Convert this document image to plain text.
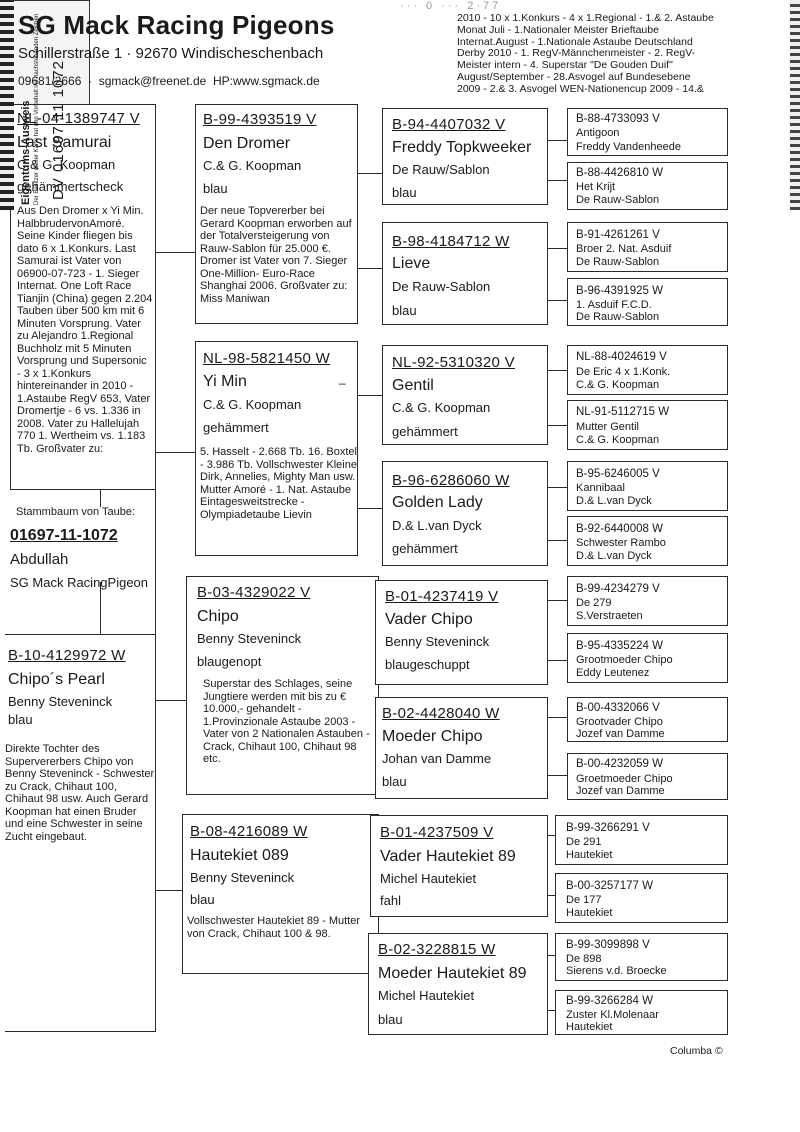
SG Mack Racing Pigeons
Schillerstraße 1 · 92670 Windischeschenbach
09681/2666  ·  sgmack@freenet.de HP:www.sgmack.de
··· 0 ··· 2·77
2010 - 10 x 1.Konkurs - 4 x 1.Regional - 1.& 2. Astaube
Monat Juli - 1.Nationaler Meister Brieftaube
Internat.August - 1.Nationale Astaube Deutschland
Derby 2010 - 1. RegV-Männchenmeister - 2. RegV-
Meister intern - 4. Superstar "De Gouden Duif"
August/September - 28.Asvogel auf Bundesebene
2009 - 2.& 3. Asvogel WEN-Nationencup 2009 - 14.&
NL-04-1389747 V
Last Samurai
C.& G. Koopman
gehämmertscheck
Aus Den Dromer x Yi Min. HalbbrudervonAmoré. Seine Kinder fliegen bis dato 6 x 1.Konkurs. Last Samurai ist Vater von 06900-07-723 - 1. Sieger Internat. One Loft Race Tianjin (China) gegen 2.204 Tauben über 500 km mit 6 Minuten Vorsprung. Vater zu Alejandro 1.Regional Buchholz mit 5 Minuten Vorsprung und Supersonic - 3 x 1.Konkurs hintereinander in 2010 - 1.Astaube RegV 653, Vater Dromertje - 6 vs. 1.336 in 2008. Vater zu Hallelujah 770 1. Wertheim vs. 1.183 Tb. Großvater zu:
Stammbaum von Taube:
01697-11-1072
Abdullah
SG Mack RacingPigeon
B-10-4129972 W
Chipo´s Pearl
Benny Steveninck
blau
Direkte Tochter des Supervererbers Chipo von Benny Steveninck - Schwester zu Crack, Chihaut 100, Chihaut 98 usw. Auch Gerard Koopman hat einen Bruder und eine Schwester in seine Zucht eingebaut.
B-99-4393519 V
Den Dromer
C.& G. Koopman
blau
Der neue Topvererber bei Gerard Koopman erworben auf der Totalversteigerung von Rauw-Sablon für 25.000 €. Dromer ist Vater von 7. Sieger One-Million- Euro-Race Shanghai 2006. Großvater zu: Miss Maniwan
NL-98-5821450 W
Yi Min	–
C.& G. Koopman
gehämmert
5. Hasselt - 2.668 Tb. 16. Boxtel - 3.986 Tb. Vollschwester Kleine Dirk, Annelies, Mighty Man usw. Mutter Amoré - 1. Nat. Astaube Eintagesweitstrecke - Olympiadetaube Lievin
B-03-4329022 V
Chipo
Benny Steveninck
blaugenopt
Superstar des Schlages, seine Jungtiere werden mit bis zu € 10.000,- gehandelt - 1.Provinzionale Astaube 2003 - Vater von 2 Nationalen Astauben - Crack, Chihaut 100, Chihaut 98 etc.
B-08-4216089 W
Hautekiet 089
Benny Steveninck
blau
Vollschwester Hautekiet 89 - Mutter von Crack, Chihaut 100 & 98.
B-94-4407032 V
Freddy Topkweeker
De Rauw/Sablon
blau
B-98-4184712 W
Lieve
De Rauw-Sablon
blau
NL-92-5310320 V
Gentil
C.& G. Koopman
gehämmert
B-96-6286060 W
Golden Lady
D.& L.van Dyck
gehämmert
B-01-4237419 V
Vader Chipo
Benny Steveninck
blaugeschuppt
B-02-4428040 W
Moeder Chipo
Johan van Damme
blau
B-01-4237509 V
Vader Hautekiet 89
Michel Hautekiet
fahl
B-02-3228815 W
Moeder Hautekiet 89
Michel Hautekiet
blau
B-88-4733093 V
Antigoon
Freddy Vandenheede
B-88-4426810 W
Het Krijt
De Rauw-Sablon
B-91-4261261 V
Broer 2. Nat. Asduif
De Rauw-Sablon
B-96-4391925 W
1. Asduif F.C.D.
De Rauw-Sablon
NL-88-4024619 V
De Eric 4 x 1.Konk.
C.& G. Koopman
NL-91-5112715 W
Mutter Gentil
C.& G. Koopman
B-95-6246005 V
Kannibaal
D.& L.van Dyck
B-92-6440008 W
Schwester Rambo
D.& L.van Dyck
B-99-4234279 V
De 279
S.Verstraeten
B-95-4335224 W
Grootmoeder Chipo
Eddy Leutenez
B-00-4332066 V
Grootvader Chipo
Jozef van Damme
B-00-4232059 W
Groetmoeder Chipo
Jozef van Damme
B-99-3266291 V
De 291
Hautekiet
B-00-3257177 W
De 177
Hautekiet
B-99-3099898 V
De 898
Sierens v.d. Broecke
B-99-3266284 W
Zuster Kl.Molenaar
Hautekiet
Eigentums-Ausweis Der Besitzer dieser Karte hat den Vorbehalt mit nachstehenden Zeichen DV 01697 11 1072
Columba ©
